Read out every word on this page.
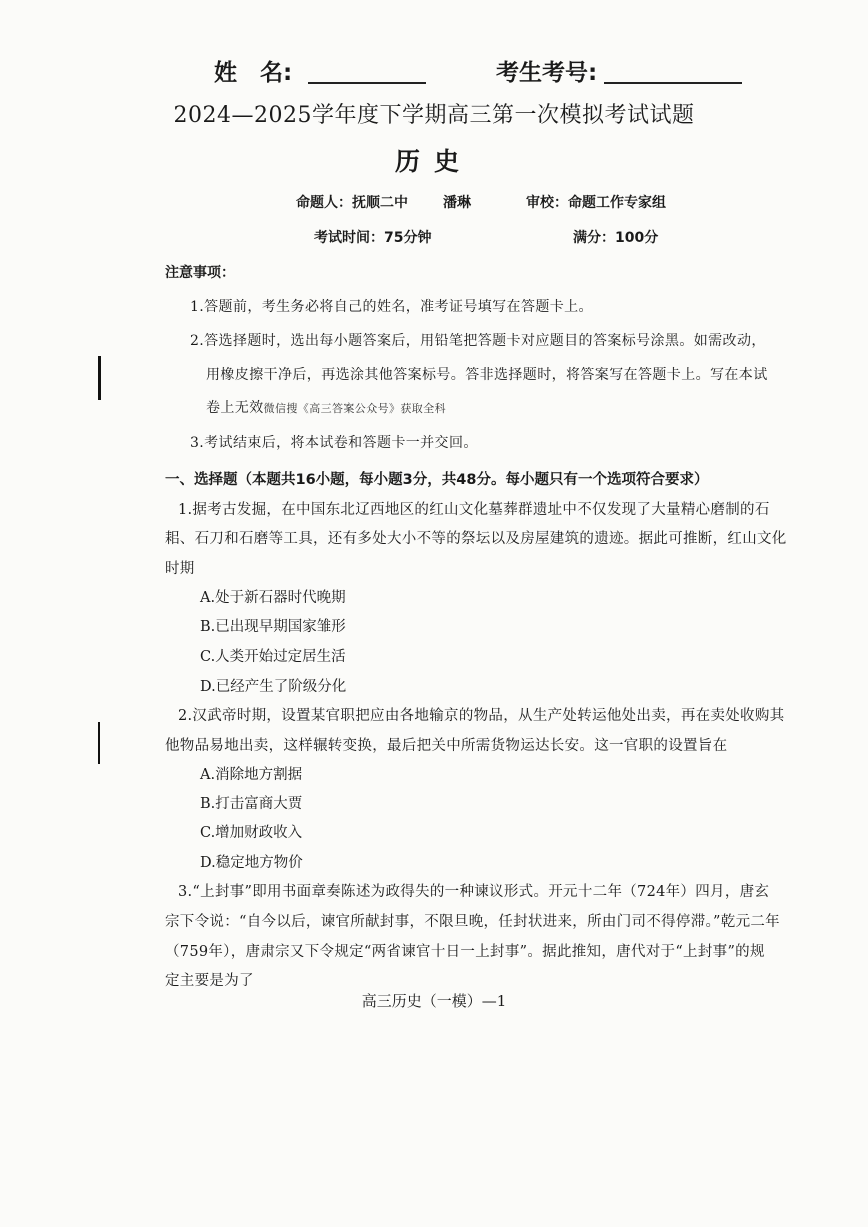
姓　名:	考生考号:
2024—2025学年度下学期高三第一次模拟考试试题
历史
命题人：抚顺二中	潘琳	审校：命题工作专家组
考试时间：75分钟	满分：100分
注意事项：
1.答题前，考生务必将自己的姓名，准考证号填写在答题卡上。
2.答选择题时，选出每小题答案后，用铅笔把答题卡对应题目的答案标号涂黑。如需改动，
用橡皮擦干净后，再选涂其他答案标号。答非选择题时，将答案写在答题卡上。写在本试
卷上无效微信搜《高三答案公众号》获取全科
3.考试结束后，将本试卷和答题卡一并交回。
一、选择题（本题共16小题，每小题3分，共48分。每小题只有一个选项符合要求）
1.据考古发掘，在中国东北辽西地区的红山文化墓葬群遗址中不仅发现了大量精心磨制的石
耜、石刀和石磨等工具，还有多处大小不等的祭坛以及房屋建筑的遗迹。据此可推断，红山文化
时期
A.处于新石器时代晚期
B.已出现早期国家雏形
C.人类开始过定居生活
D.已经产生了阶级分化
2.汉武帝时期，设置某官职把应由各地输京的物品，从生产处转运他处出卖，再在卖处收购其
他物品易地出卖，这样辗转变换，最后把关中所需货物运达长安。这一官职的设置旨在
A.消除地方割据
B.打击富商大贾
C.增加财政收入
D.稳定地方物价
3.“上封事”即用书面章奏陈述为政得失的一种谏议形式。开元十二年（724年）四月，唐玄
宗下令说：“自今以后，谏官所献封事，不限旦晚，任封状进来，所由门司不得停滞。”乾元二年
（759年），唐肃宗又下令规定“两省谏官十日一上封事”。据此推知，唐代对于“上封事”的规
定主要是为了
高三历史（一模）—1
